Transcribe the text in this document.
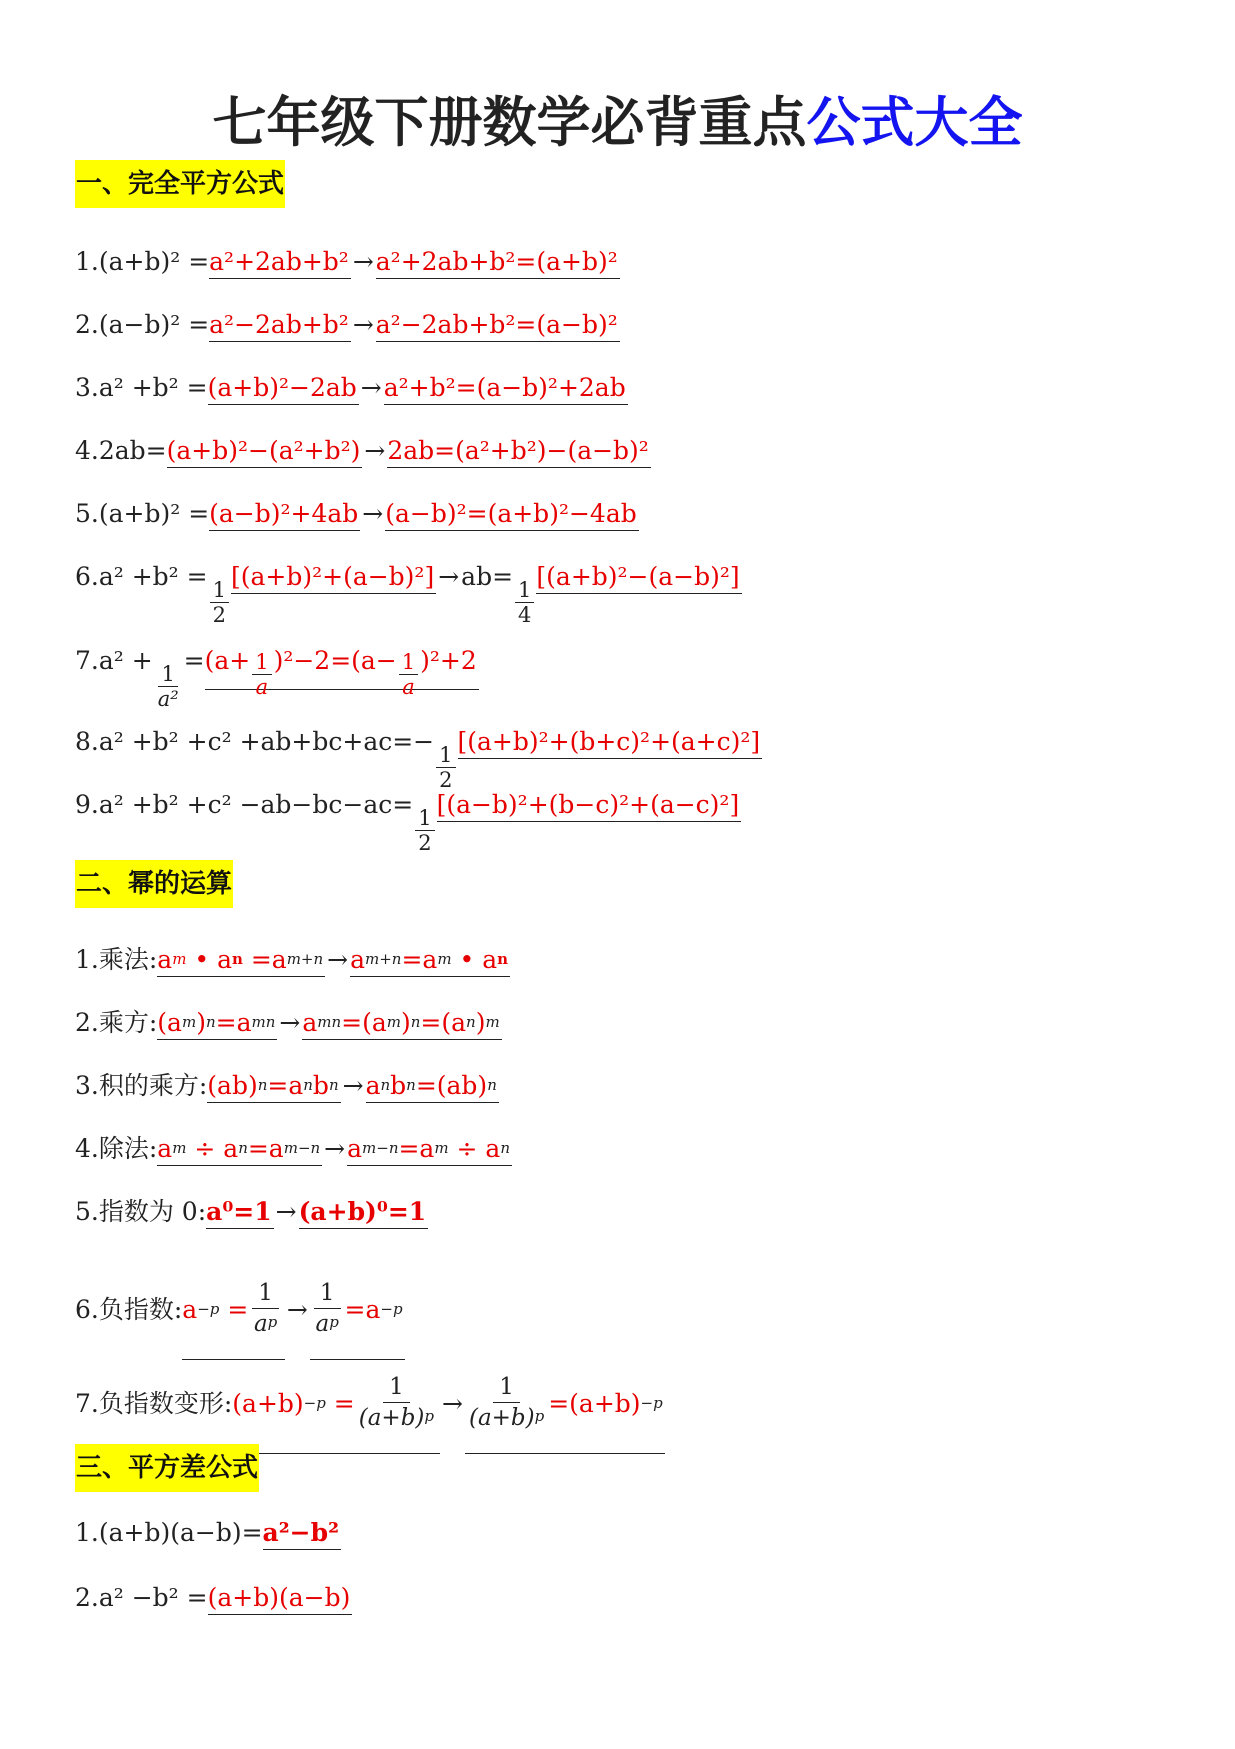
七年级下册数学必背重点公式大全
一、完全平方公式
1. (a+b)² = a²+2ab+b² → a²+2ab+b²=(a+b)²
2. (a−b)² = a²−2ab+b² → a²−2ab+b²=(a−b)²
3. a² +b² = (a+b)²−2ab → a²+b²=(a−b)²+2ab
4. 2ab= (a+b)²−(a²+b²) → 2ab=(a²+b²)−(a−b)²
5. (a+b)² = (a−b)²+4ab → (a−b)²=(a+b)²−4ab
6. a² +b² =
$\frac{1}{2}$
[(a+b)²+(a−b)²] → ab=
$\frac{1}{4}$
[(a+b)²−(a−b)²]
7. a² +
$\frac{1}{\text{a²}}$
= $(a+ \frac{1}{a} )^2-2=(a- \frac{1}{a} )^2+2$
8. a² +b² +c² +ab+bc+ac=−
$\frac{1}{2}$
[(a+b)²+(b+c)²+(a+c)²]
9. a² +b² +c² −ab−bc−ac=
$\frac{1}{2}$
[(a−b)²+(b−c)²+(a−c)²]
二、幂的运算
1. 乘法: $a^m$ • $a^n =a^{m+n} \to a^{m+n}=a^m$ • $a^n$
2. 乘方: $(a^m)^n=a^{mn} \to a^{mn}=(a^m)^n=(a^n)^m$
3. 积的乘方: $(ab)^n=a^nb^n \to a^nb^n=(ab)^n$
4. 除法: $a^m \div a^n=a^{m-n} \to a^{m-n}=a^m \div a^n$
5. 指数为 0: a⁰=1 → (a+b)⁰=1
6. 负指数: $a^{-p} = \frac{1}{a^p} \to \frac{1}{a^p} =a^{-p}$
7. 负指数变形: $(a+b)^{-p} = \frac{1}{(a+b)^p} \to \frac{1}{(a+b)^p} =(a+b)^{-p}$
三、平方差公式
1. (a+b)(a−b)= a²−b²
2. a² −b² = (a+b)(a−b)
